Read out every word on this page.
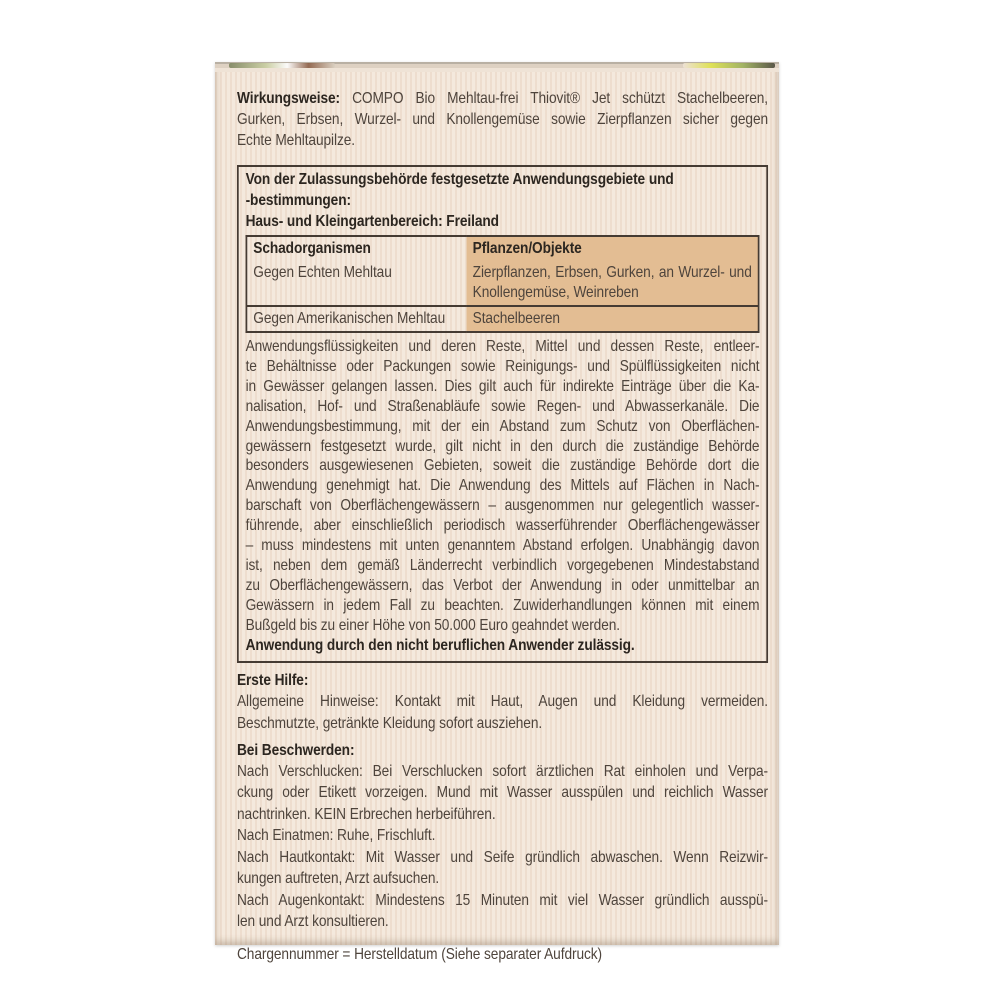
Wirkungsweise: COMPO Bio Mehltau-frei Thiovit® Jet schützt Stachelbeeren,
Gurken, Erbsen, Wurzel- und Knollengemüse sowie Zierpflanzen sicher gegen
Echte Mehltaupilze.
Von der Zulassungsbehörde festgesetzte Anwendungsgebiete und
-bestimmungen:
Haus- und Kleingartenbereich: Freiland
Schadorganismen	Pflanzen/Objekte
Gegen Echten Mehltau	Zierpflanzen, Erbsen, Gurken, an Wurzel- und Knollengemüse, Weinreben
Gegen Amerikanischen Mehltau	Stachelbeeren
Anwendungsflüssigkeiten und deren Reste, Mittel und dessen Reste, entleer-
te Behältnisse oder Packungen sowie Reinigungs- und Spülflüssigkeiten nicht
in Gewässer gelangen lassen. Dies gilt auch für indirekte Einträge über die Ka-
nalisation, Hof- und Straßenabläufe sowie Regen- und Abwasserkanäle. Die
Anwendungsbestimmung, mit der ein Abstand zum Schutz von Oberflächen-
gewässern festgesetzt wurde, gilt nicht in den durch die zuständige Behörde
besonders ausgewiesenen Gebieten, soweit die zuständige Behörde dort die
Anwendung genehmigt hat. Die Anwendung des Mittels auf Flächen in Nach-
barschaft von Oberflächengewässern – ausgenommen nur gelegentlich wasser-
führende, aber einschließlich periodisch wasserführender Oberflächengewässer
– muss mindestens mit unten genanntem Abstand erfolgen. Unabhängig davon
ist, neben dem gemäß Länderrecht verbindlich vorgegebenen Mindestabstand
zu Oberflächengewässern, das Verbot der Anwendung in oder unmittelbar an
Gewässern in jedem Fall zu beachten. Zuwiderhandlungen können mit einem
Bußgeld bis zu einer Höhe von 50.000 Euro geahndet werden.
Anwendung durch den nicht beruflichen Anwender zulässig.
Erste Hilfe:
Allgemeine Hinweise: Kontakt mit Haut, Augen und Kleidung vermeiden.
Beschmutzte, getränkte Kleidung sofort ausziehen.
Bei Beschwerden:
Nach Verschlucken: Bei Verschlucken sofort ärztlichen Rat einholen und Verpa-
ckung oder Etikett vorzeigen. Mund mit Wasser ausspülen und reichlich Wasser
nachtrinken. KEIN Erbrechen herbeiführen.
Nach Einatmen: Ruhe, Frischluft.
Nach Hautkontakt: Mit Wasser und Seife gründlich abwaschen. Wenn Reizwir-
kungen auftreten, Arzt aufsuchen.
Nach Augenkontakt: Mindestens 15 Minuten mit viel Wasser gründlich ausspü-
len und Arzt konsultieren.
Chargennummer = Herstelldatum (Siehe separater Aufdruck)
